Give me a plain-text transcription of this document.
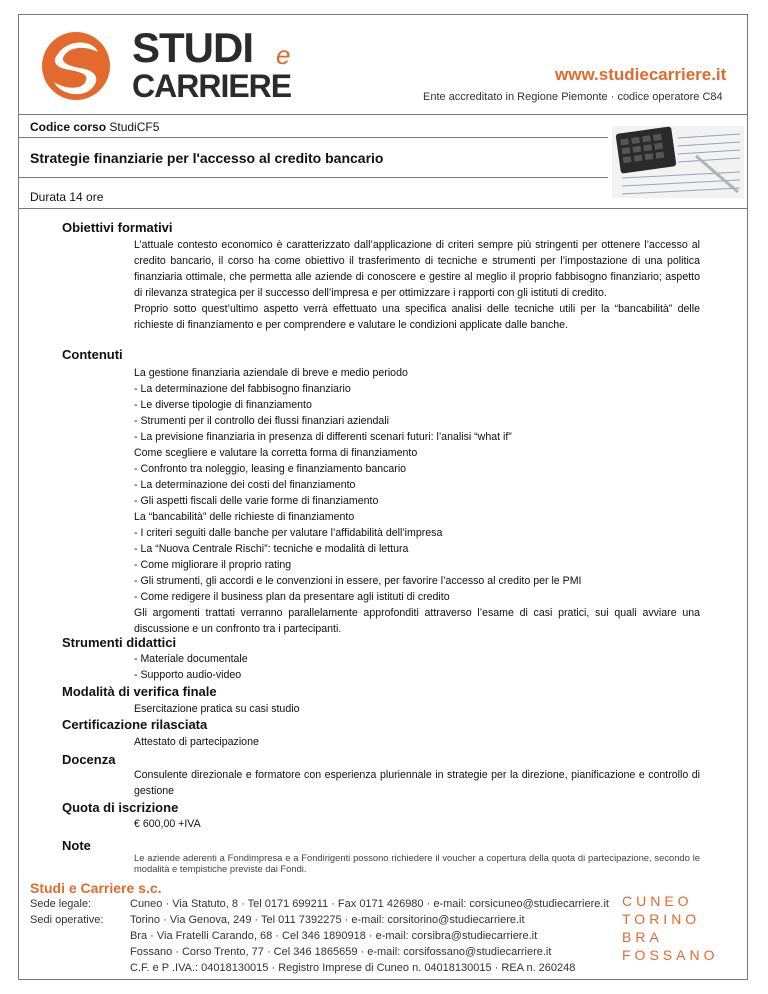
STUDI e
CARRIERE	www.studiecarriere.it
Ente accreditato in Regione Piemonte · codice operatore C84
Codice corso StudiCF5
Strategie finanziarie per l'accesso al credito bancario
Durata 14 ore
Obiettivi formativi

L’attuale contesto economico è caratterizzato dall’applicazione di criteri sempre più stringenti per ottenere l’accesso al credito bancario, il corso ha come obiettivo il trasferimento di tecniche e strumenti per l’impostazione di una politica finanziaria ottimale, che permetta alle aziende di conoscere e gestire al meglio il proprio fabbisogno finanziario; aspetto di rilevanza strategica per il successo dell’impresa e per ottimizzare i rapporti con gli istituti di credito.

Proprio sotto quest’ultimo aspetto verrà effettuato una specifica analisi delle tecniche utili per la “bancabilità” delle richieste di finanziamento e per comprendere e valutare le condizioni applicate dalle banche.

Contenuti
La gestione finanziaria aziendale di breve e medio periodo
- La determinazione del fabbisogno finanziario
- Le diverse tipologie di finanziamento
- Strumenti per il controllo dei flussi finanziari aziendali
- La previsione finanziaria in presenza di differenti scenari futuri: l’analisi “what if”
Come scegliere e valutare la corretta forma di finanziamento
- Confronto tra noleggio, leasing e finanziamento bancario
- La determinazione dei costi del finanziamento
- Gli aspetti fiscali delle varie forme di finanziamento
La “bancabilità” delle richieste di finanziamento
- I criteri seguiti dalle banche per valutare l’affidabilità dell’impresa
- La “Nuova Centrale Rischi”: tecniche e modalità di lettura
- Come migliorare il proprio rating
- Gli strumenti, gli accordi e le convenzioni in essere, per favorire l’accesso al credito per le PMI
- Come redigere il business plan da presentare agli istituti di credito
Gli argomenti trattati verranno parallelamente approfonditi attraverso l’esame di casi pratici, sui quali avviare una discussione e un confronto tra i partecipanti.
Strumenti didattici
- Materiale documentale
- Supporto audio-video
Modalità di verifica finale
Esercitazione pratica su casi studio
Certificazione rilasciata
Attestato di partecipazione
Docenza
Consulente direzionale e formatore con esperienza pluriennale in strategie per la direzione, pianificazione e controllo di gestione
Quota di iscrizione
€ 600,00 +IVA
Note
Le aziende aderenti a Fondimpresa e a Fondirigenti possono richiedere il voucher a copertura della quota di partecipazione, secondo le modalità e tempistiche previste dai Fondi.
Studi e Carriere s.c.
Sede legale:
Sedi operative:
Cuneo · Via Statuto, 8 · Tel 0171 699211 · Fax 0171 426980 · e-mail: corsicuneo@studiecarriere.it
Torino · Via Genova, 249 · Tel 011 7392275 · e-mail: corsitorino@studiecarriere.it
Bra · Via Fratelli Carando, 68 · Cel 346 1890918 · e-mail: corsibra@studiecarriere.it
Fossano · Corso Trento, 77 · Cel 346 1865659 · e-mail: corsifossano@studiecarriere.it
C.F. e P .IVA.: 04018130015 · Registro Imprese di Cuneo n. 04018130015 · REA n. 260248
CUNEO
TORINO
BRA
FOSSANO
